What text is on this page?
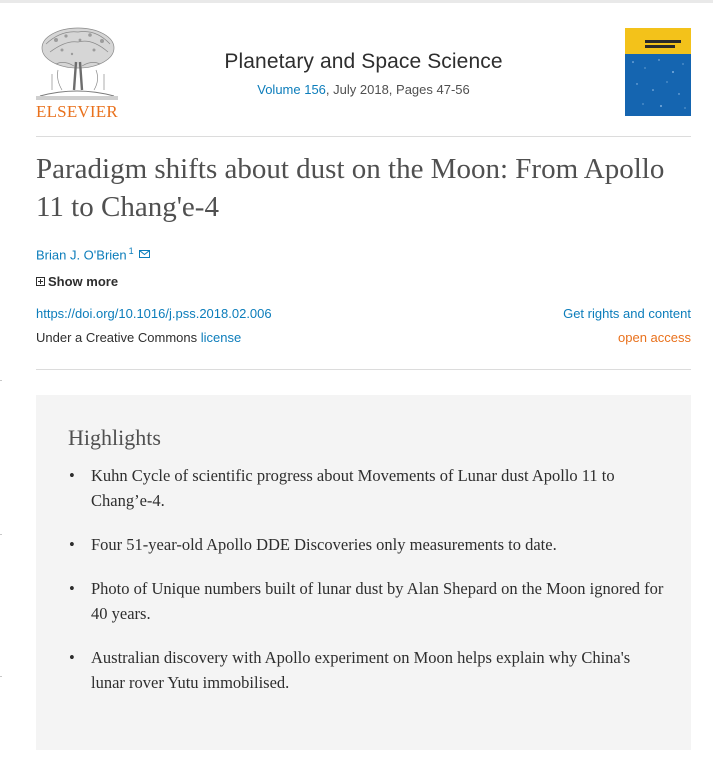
ELSEVIER
Planetary and Space Science
Volume 156, July 2018, Pages 47-56
Paradigm shifts about dust on the Moon: From Apollo 11 to Chang'e-4
Brian J. O'Brien $^1$
Show more
https://doi.org/10.1016/j.pss.2018.02.006	Get rights and content
Under a Creative Commons license	open access
Highlights
• Kuhn Cycle of scientific progress about Movements of Lunar dust Apollo 11 to Chang’e-4.
• Four 51-year-old Apollo DDE Discoveries only measurements to date.
• Photo of Unique numbers built of lunar dust by Alan Shepard on the Moon ignored for 40 years.
• Australian discovery with Apollo experiment on Moon helps explain why China's lunar rover Yutu immobilised.
